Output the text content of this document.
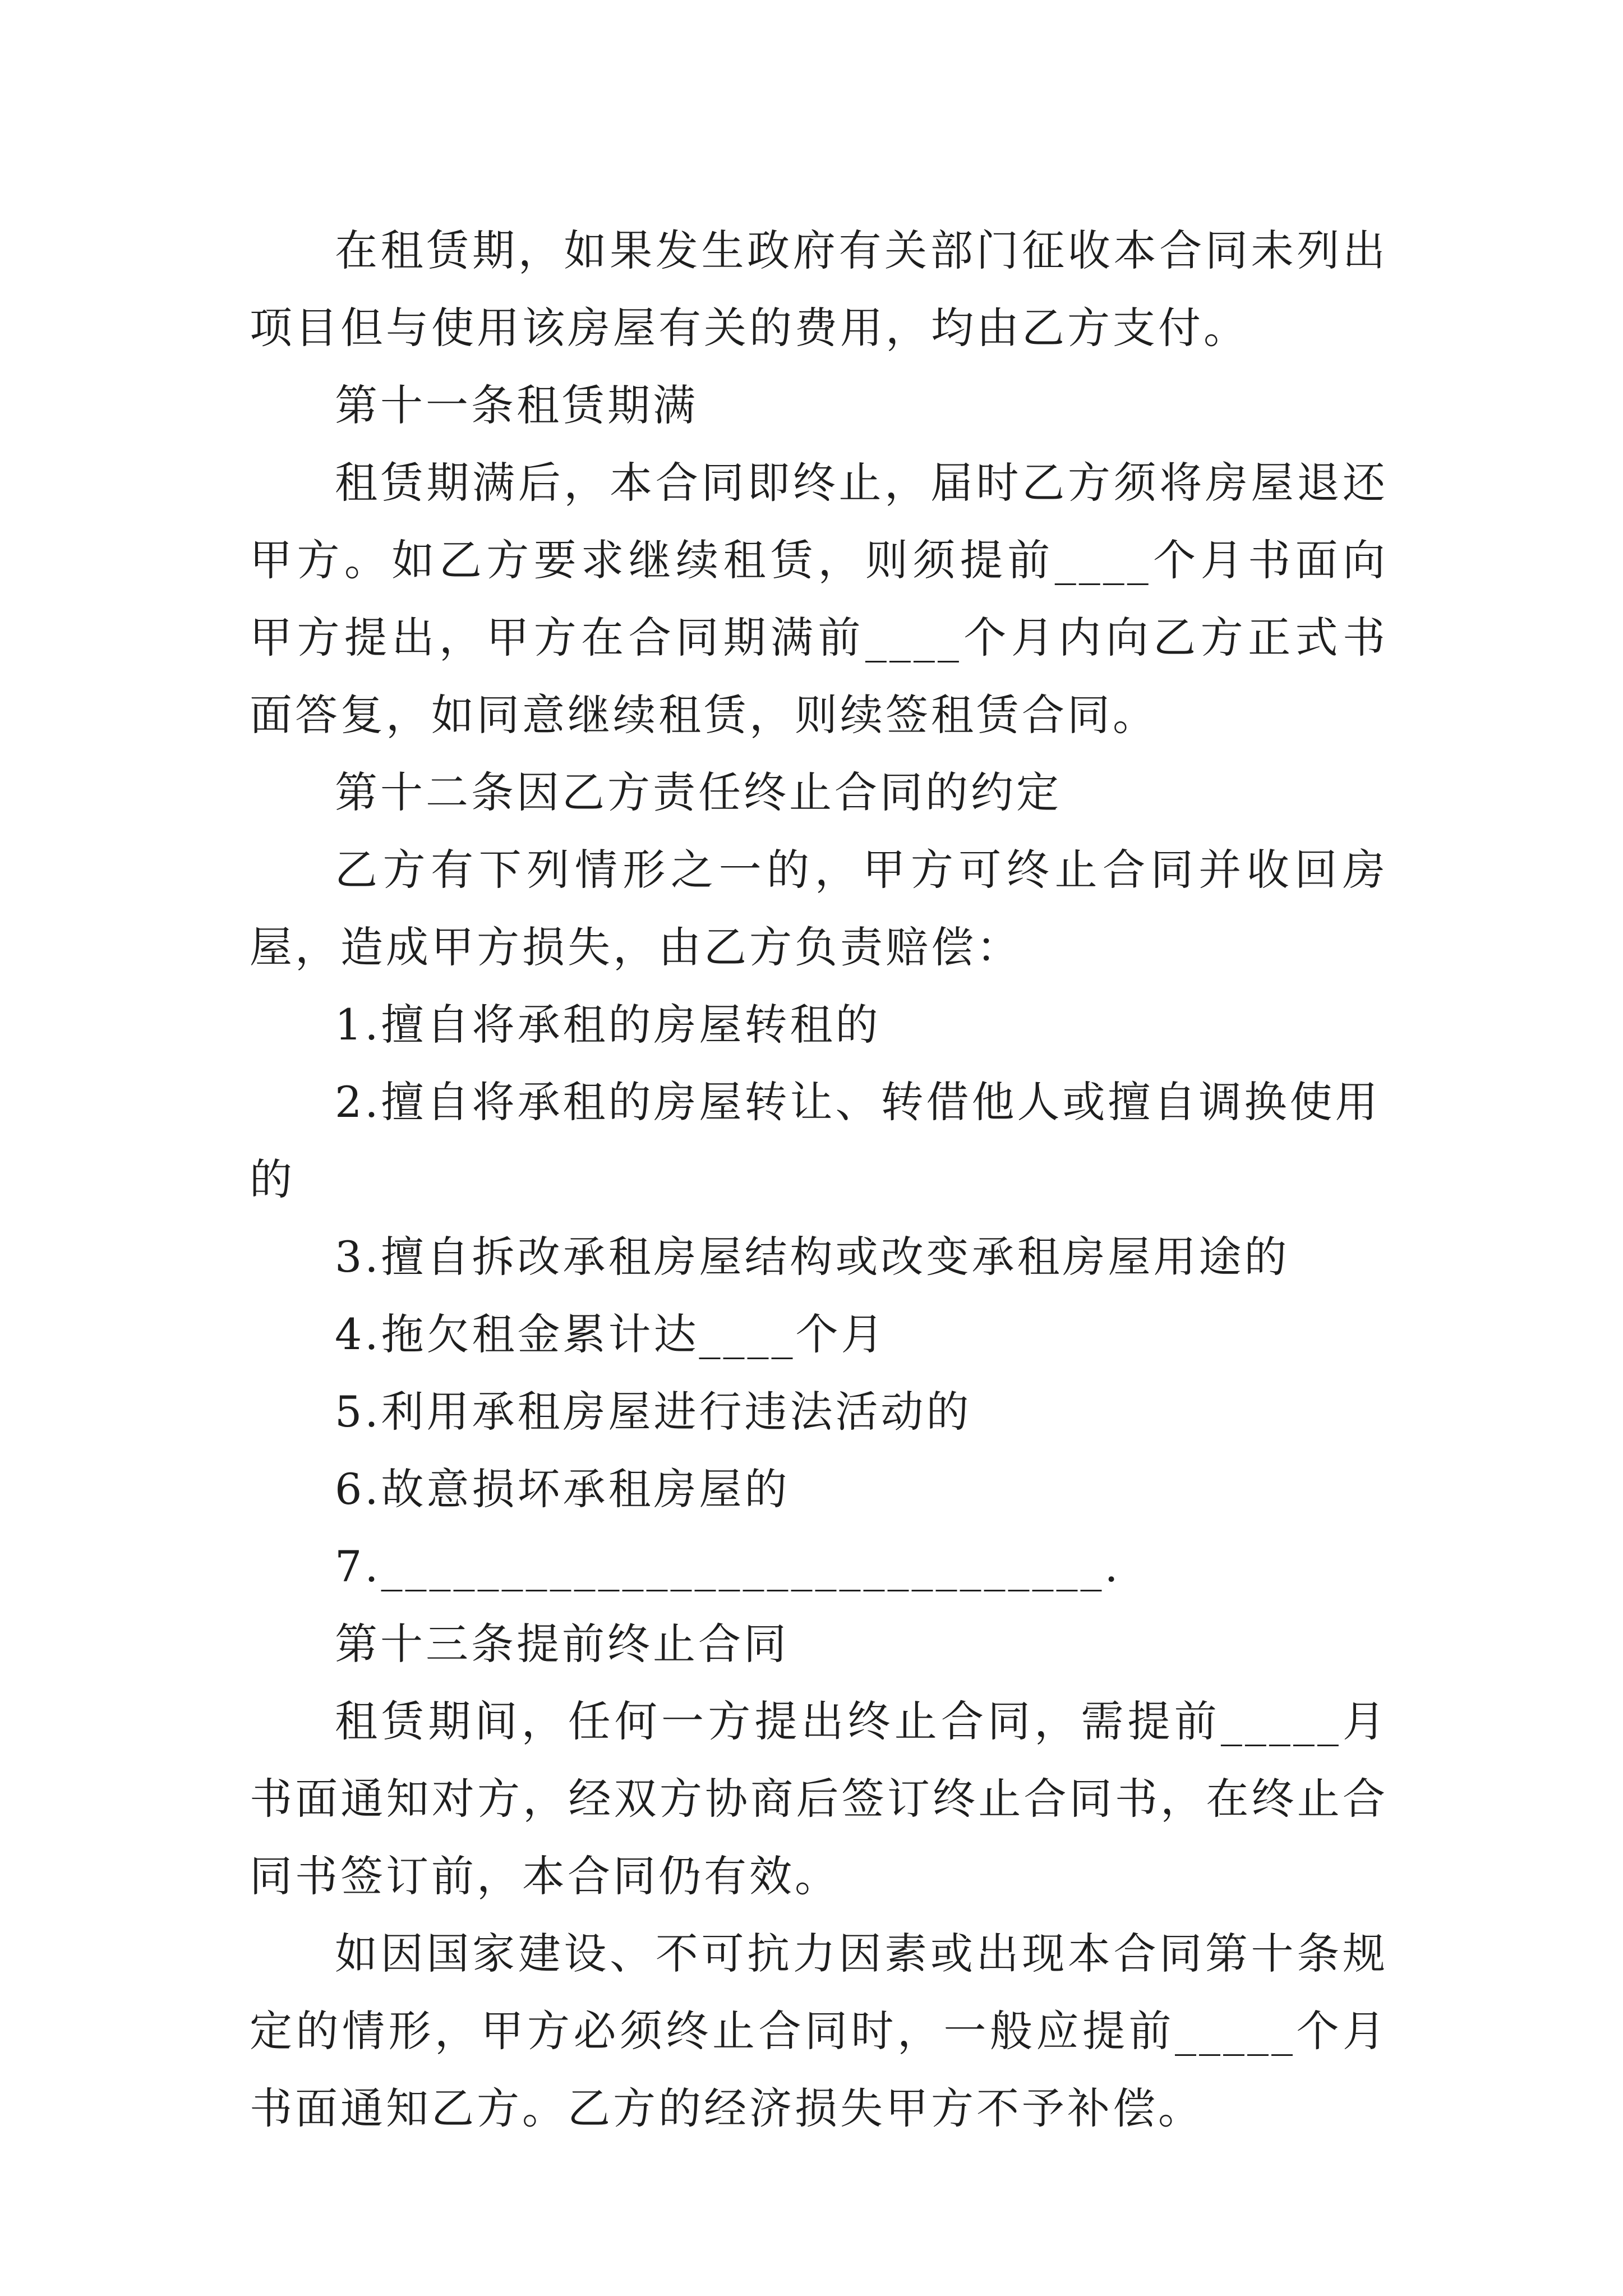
在租赁期，如果发生政府有关部门征收本合同未列出项目但与使用该房屋有关的费用，均由乙方支付。

第十一条租赁期满

租赁期满后，本合同即终止，届时乙方须将房屋退还甲方。如乙方要求继续租赁，则须提前____个月书面向甲方提出，甲方在合同期满前____个月内向乙方正式书面答复，如同意继续租赁，则续签租赁合同。

第十二条因乙方责任终止合同的约定

乙方有下列情形之一的，甲方可终止合同并收回房屋，造成甲方损失，由乙方负责赔偿：

1.擅自将承租的房屋转租的

2.擅自将承租的房屋转让、转借他人或擅自调换使用的

3.擅自拆改承租房屋结构或改变承租房屋用途的

4.拖欠租金累计达____个月

5.利用承租房屋进行违法活动的

6.故意损坏承租房屋的

7.______________________________.

第十三条提前终止合同

租赁期间，任何一方提出终止合同，需提前_____月书面通知对方，经双方协商后签订终止合同书，在终止合同书签订前，本合同仍有效。

如因国家建设、不可抗力因素或出现本合同第十条规定的情形，甲方必须终止合同时，一般应提前_____个月书面通知乙方。乙方的经济损失甲方不予补偿。
